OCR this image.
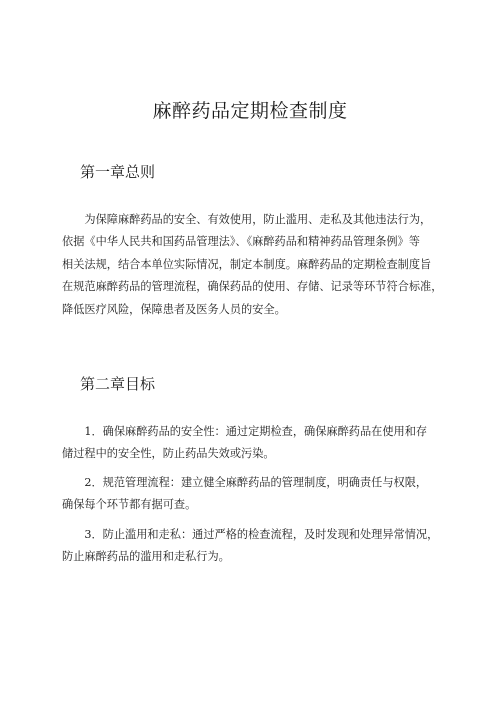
麻醉药品定期检查制度
第一章总则
　　为保障麻醉药品的安全、有效使用，防止滥用、走私及其他违法行为，
依据《中华人民共和国药品管理法》、《麻醉药品和精神药品管理条例》等
相关法规，结合本单位实际情况，制定本制度。麻醉药品的定期检查制度旨
在规范麻醉药品的管理流程，确保药品的使用、存储、记录等环节符合标准，
降低医疗风险，保障患者及医务人员的安全。
第二章目标
　　1．确保麻醉药品的安全性：通过定期检查，确保麻醉药品在使用和存
储过程中的安全性，防止药品失效或污染。
　　2．规范管理流程：建立健全麻醉药品的管理制度，明确责任与权限，
确保每个环节都有据可查。
　　3．防止滥用和走私：通过严格的检查流程，及时发现和处理异常情况，
防止麻醉药品的滥用和走私行为。
